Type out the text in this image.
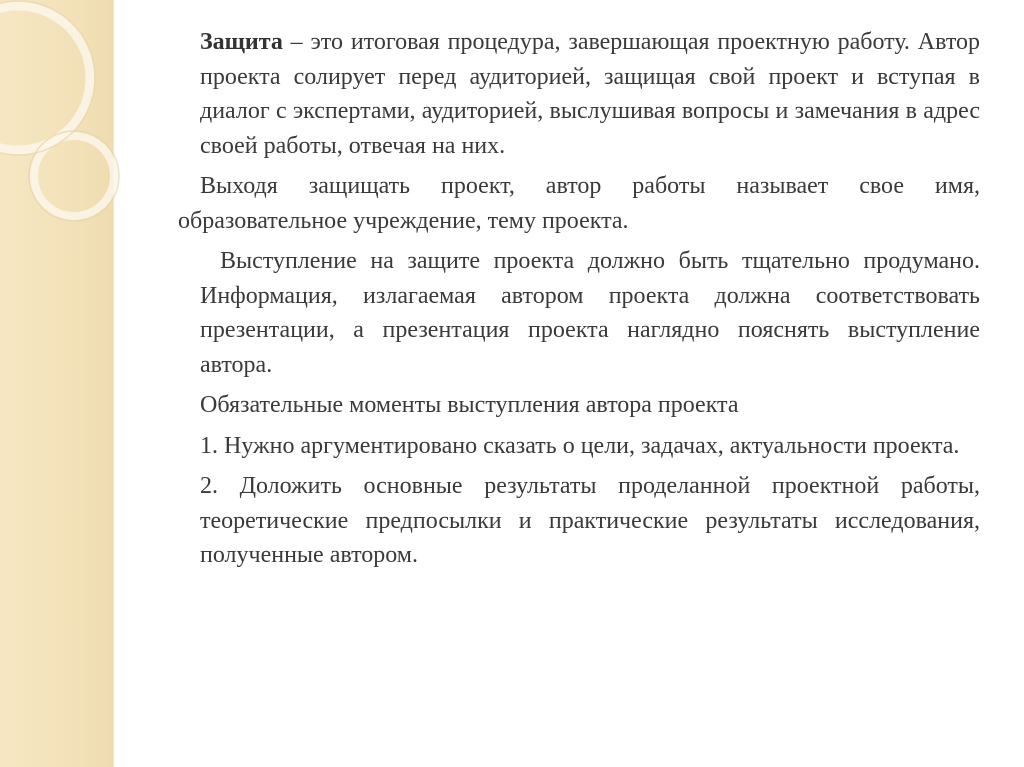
Защита – это итоговая процедура, завершающая проектную работу. Автор проекта солирует перед аудиторией, защищая свой проект и вступая в диалог с экспертами, аудиторией, выслушивая вопросы и замечания в адрес своей работы, отвечая на них.

Выходя защищать проект, автор работы называет свое имя, образовательное учреждение, тему проекта.

Выступление на защите проекта должно быть тщательно продумано. Информация, излагаемая автором проекта должна соответствовать презентации, а презентация проекта наглядно пояснять выступление автора.

Обязательные моменты выступления автора проекта

1. Нужно аргументировано сказать о цели, задачах, актуальности проекта.

2. Доложить основные результаты проделанной проектной работы, теоретические предпосылки и практические результаты исследования, полученные автором.
